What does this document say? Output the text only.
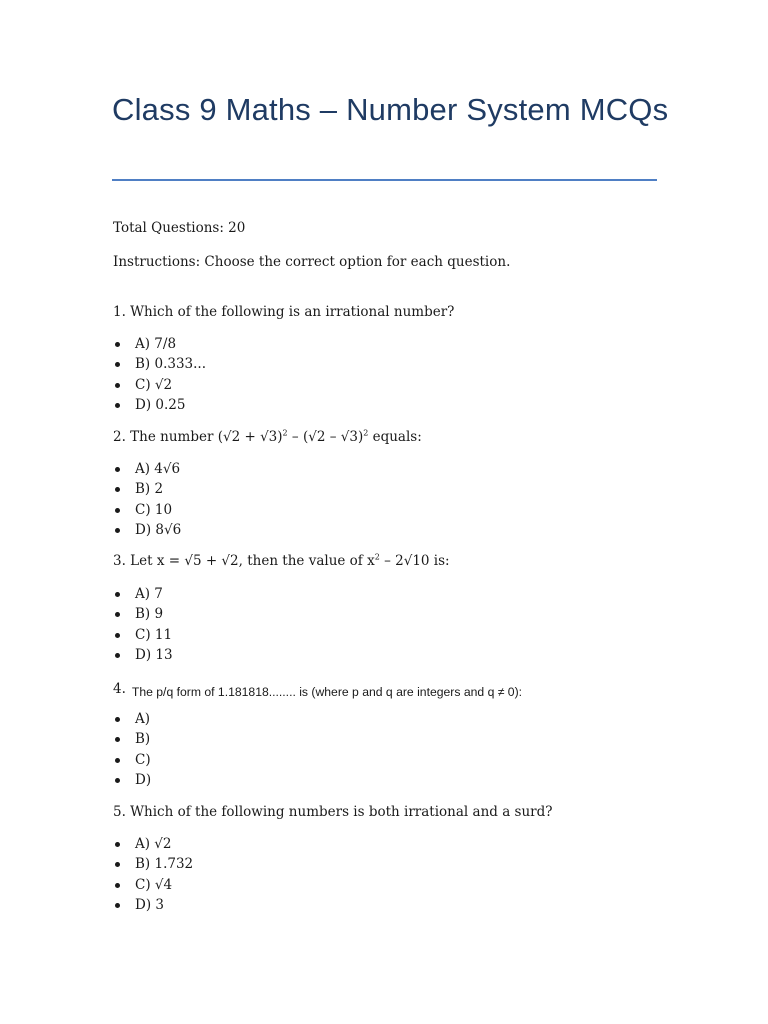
Class 9 Maths – Number System MCQs
Total Questions: 20
Instructions: Choose the correct option for each question.
1. Which of the following is an irrational number?
A) 7/8
B) 0.333...
C) √2
D) 0.25
2. The number $(√2 + √3)^2 - (√2 - √3)^2$ equals:
A) 4√6
B) 2
C) 10
D) 8√6
3. Let x = √5 + √2, then the value of $x^2 - 2√10$ is:
A) 7
B) 9
C) 11
D) 13
4. The p/q form of 1.181818........ is (where p and q are integers and q ≠ 0):
A)
B)
C)
D)
5. Which of the following numbers is both irrational and a surd?
A) √2
B) 1.732
C) √4
D) 3
